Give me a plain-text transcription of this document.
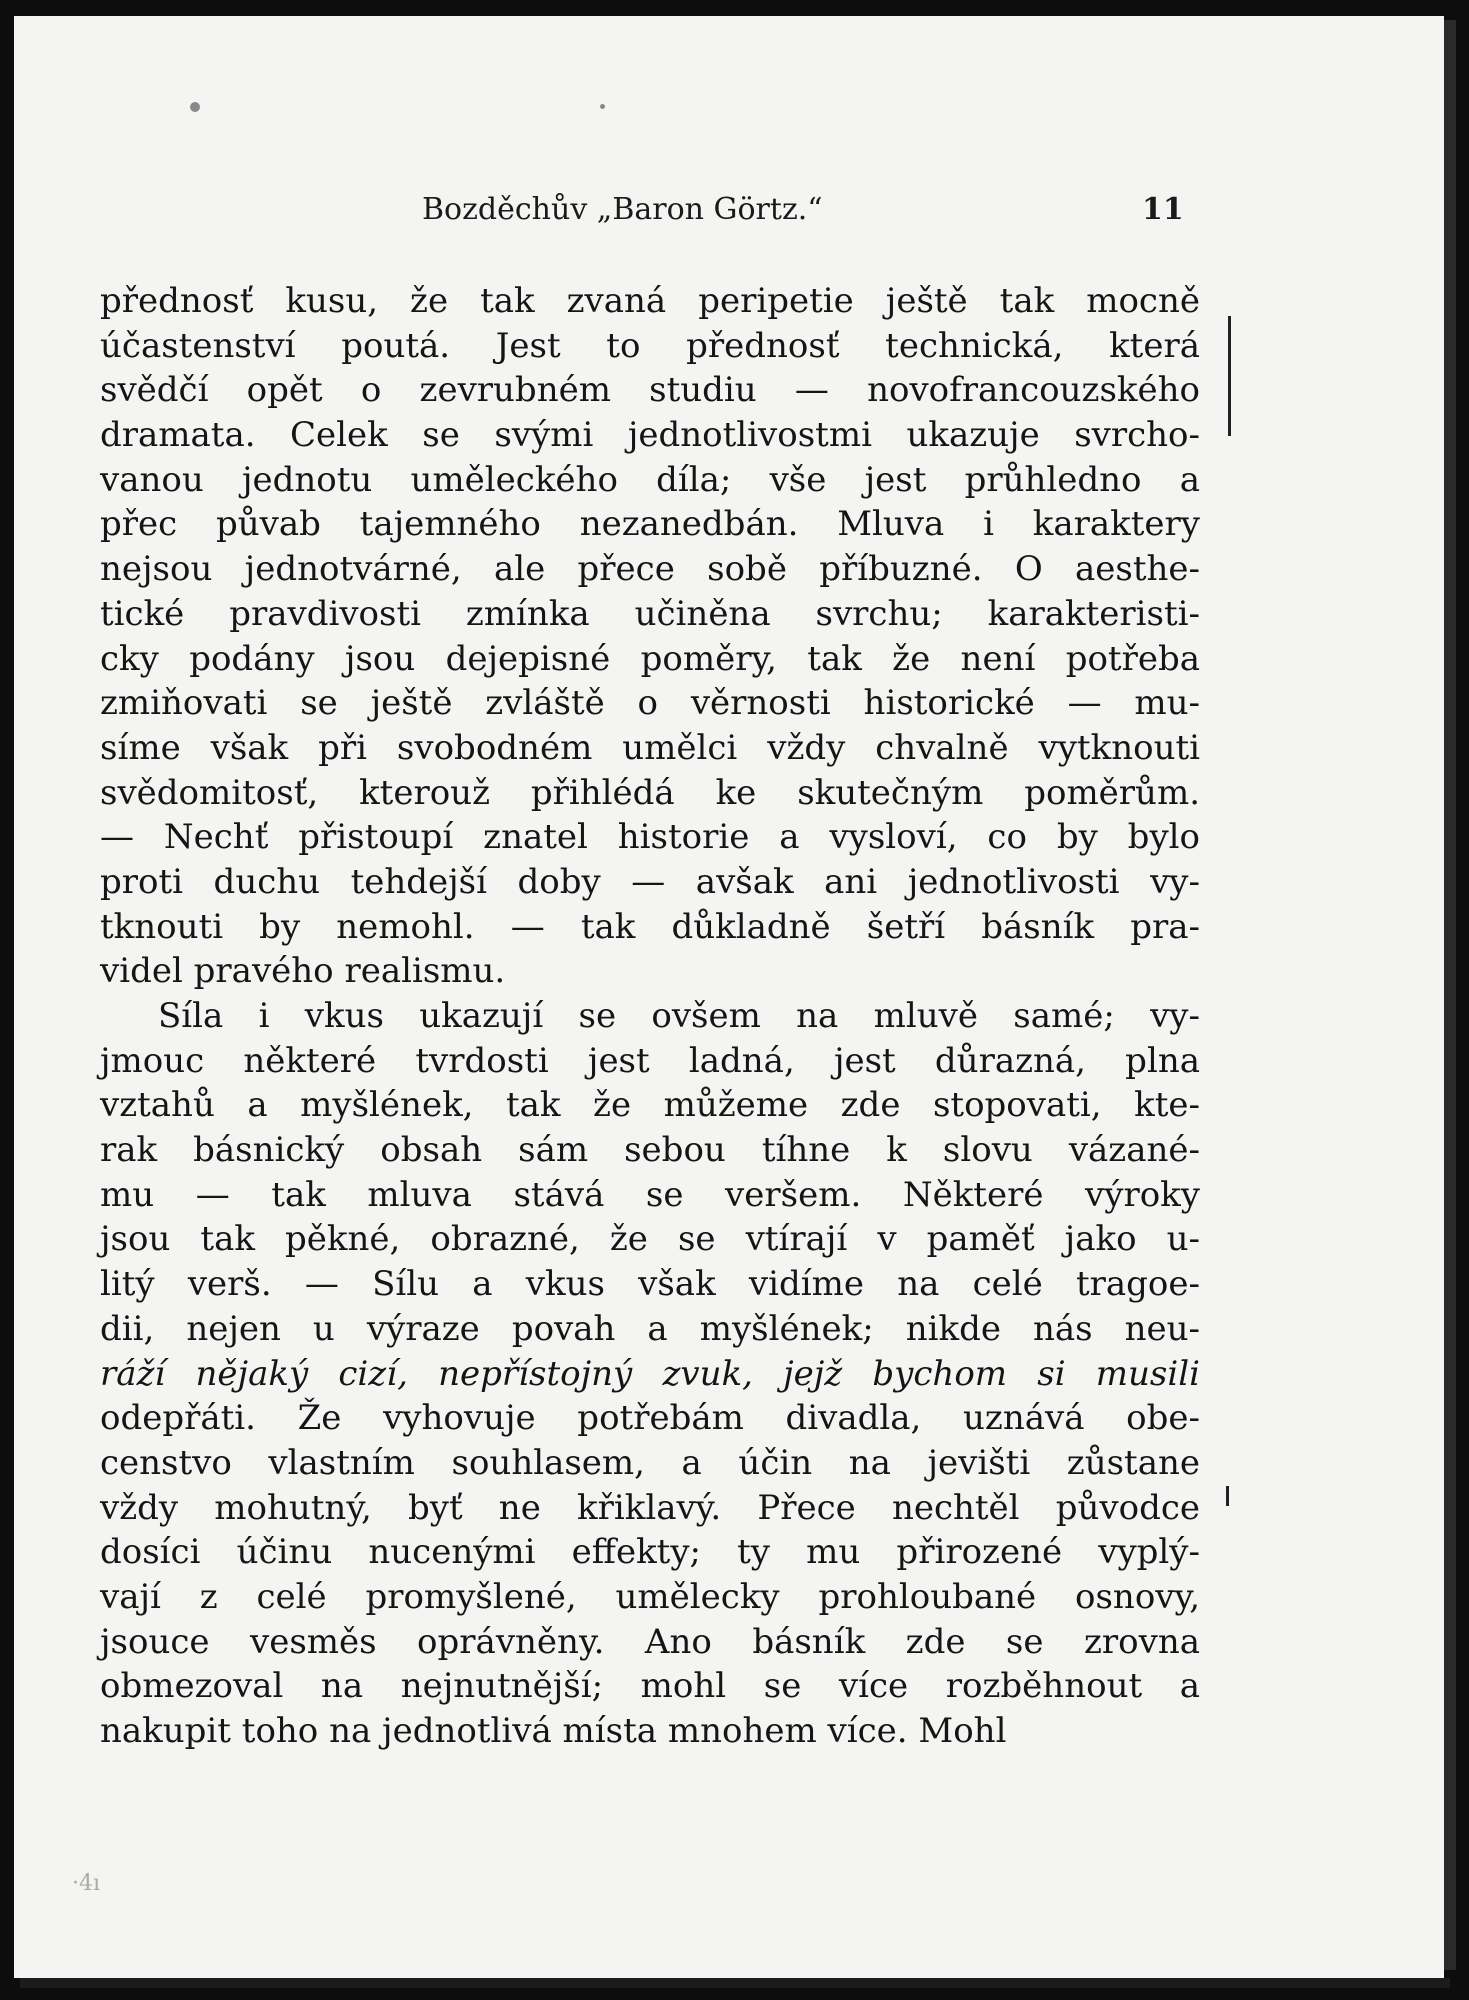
Bozděchův „Baron Görtz.“	11
přednosť kusu, že tak zvaná peripetie ještě tak mocně
účastenství poutá. Jest to přednosť technická, která
svědčí opět o zevrubném studiu — novofrancouzského
dramata. Celek se svými jednotlivostmi ukazuje svrcho-
vanou jednotu uměleckého díla; vše jest průhledno a
přec půvab tajemného nezanedbán. Mluva i karaktery
nejsou jednotvárné, ale přece sobě příbuzné. O aesthe-
tické pravdivosti zmínka učiněna svrchu; karakteristi-
cky podány jsou dejepisné poměry, tak že není potřeba
zmiňovati se ještě zvláště o věrnosti historické — mu-
síme však při svobodném umělci vždy chvalně vytknouti
svědomitosť, kterouž přihlédá ke skutečným poměrům.
— Nechť přistoupí znatel historie a vysloví, co by bylo
proti duchu tehdejší doby — avšak ani jednotlivosti vy-
tknouti by nemohl. — tak důkladně šetří básník pra-
videl pravého realismu.
Síla i vkus ukazují se ovšem na mluvě samé; vy-
jmouc některé tvrdosti jest ladná, jest důrazná, plna
vztahů a myšlének, tak že můžeme zde stopovati, kte-
rak básnický obsah sám sebou tíhne k slovu vázané-
mu — tak mluva stává se veršem. Některé výroky
jsou tak pěkné, obrazné, že se vtírají v paměť jako u-
litý verš. — Sílu a vkus však vidíme na celé tragoe-
dii, nejen u výraze povah a myšlének; nikde nás neu-
ráží nějaký cizí, nepřístojný zvuk, jejž bychom si musili
odepřáti. Že vyhovuje potřebám divadla, uznává obe-
censtvo vlastním souhlasem, a účin na jevišti zůstane
vždy mohutný, byť ne křiklavý. Přece nechtěl původce
dosíci účinu nucenými effekty; ty mu přirozené vyplý-
vají z celé promyšlené, umělecky prohloubané osnovy,
jsouce vesměs oprávněny. Ano básník zde se zrovna
obmezoval na nejnutnější; mohl se více rozběhnout a
nakupit toho na jednotlivá místa mnohem více. Mohl
·4ı
